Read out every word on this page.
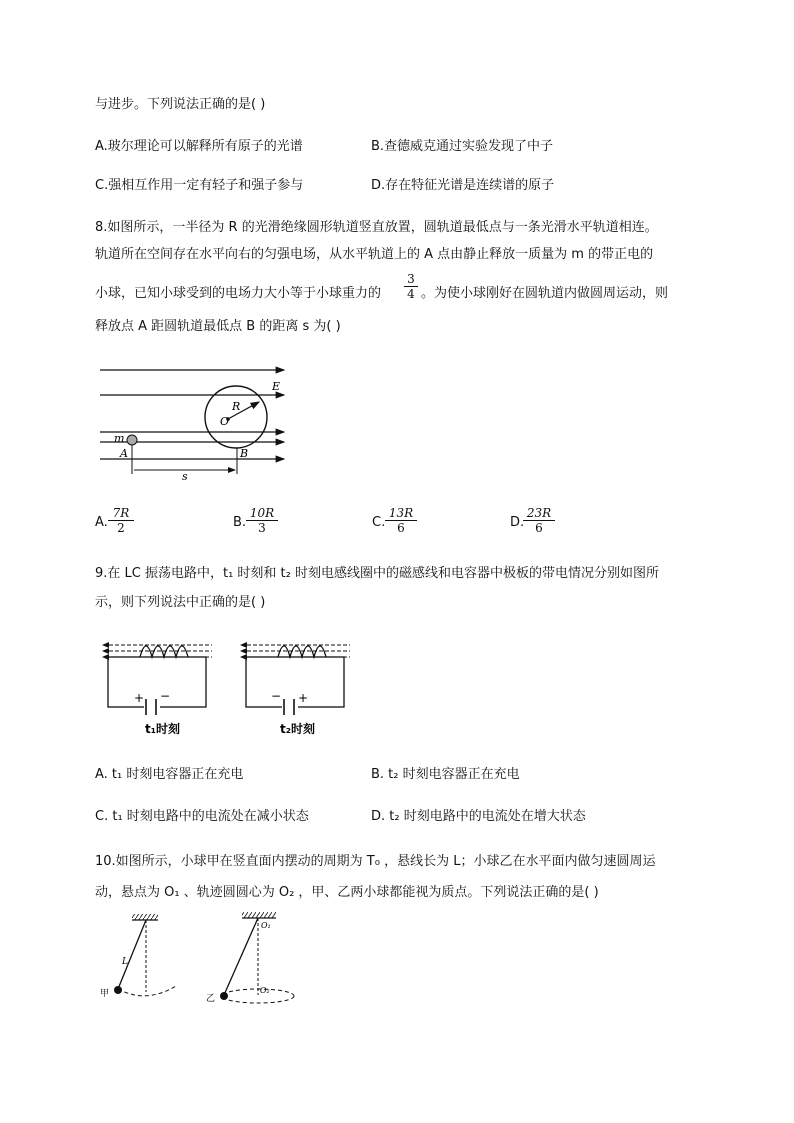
与进步。下列说法正确的是( )
A.玻尔理论可以解释所有原子的光谱	B.查德威克通过实验发现了中子
C.强相互作用一定有轻子和强子参与	D.存在特征光谱是连续谱的原子
8.如图所示，一半径为 R 的光滑绝缘圆形轨道竖直放置，圆轨道最低点与一条光滑水平轨道相连。
轨道所在空间存在水平向右的匀强电场，从水平轨道上的 A 点由静止释放一质量为 m 的带正电的
小球，已知小球受到的电场力大小等于小球重力的 $\frac{3}{4}$ 。为使小球刚好在圆轨道内做圆周运动，则
释放点 A 距圆轨道最低点 B 的距离 s 为( )
E
R
O
m
A	B
s
A. $\frac{7R}{2}$	B. $\frac{10R}{3}$	C. $\frac{13R}{6}$	D.
$\frac{23R}{6}$
9.在 LC 振荡电路中，t₁ 时刻和 t₂ 时刻电感线圈中的磁感线和电容器中极板的带电情况分别如图所
示，则下列说法中正确的是( )
+ −
t₁时刻
− +
t₂时刻
A. t₁ 时刻电容器正在充电	B. t₂ 时刻电容器正在充电
C. t₁ 时刻电路中的电流处在减小状态	D. t₂ 时刻电路中的电流处在增大状态
10.如图所示，小球甲在竖直面内摆动的周期为 T₀ ，悬线长为 L；小球乙在水平面内做匀速圆周运
动，悬点为 O₁ 、轨迹圆圆心为 O₂ ，甲、乙两小球都能视为质点。下列说法正确的是( )
L
甲
O₁
O₂
乙
